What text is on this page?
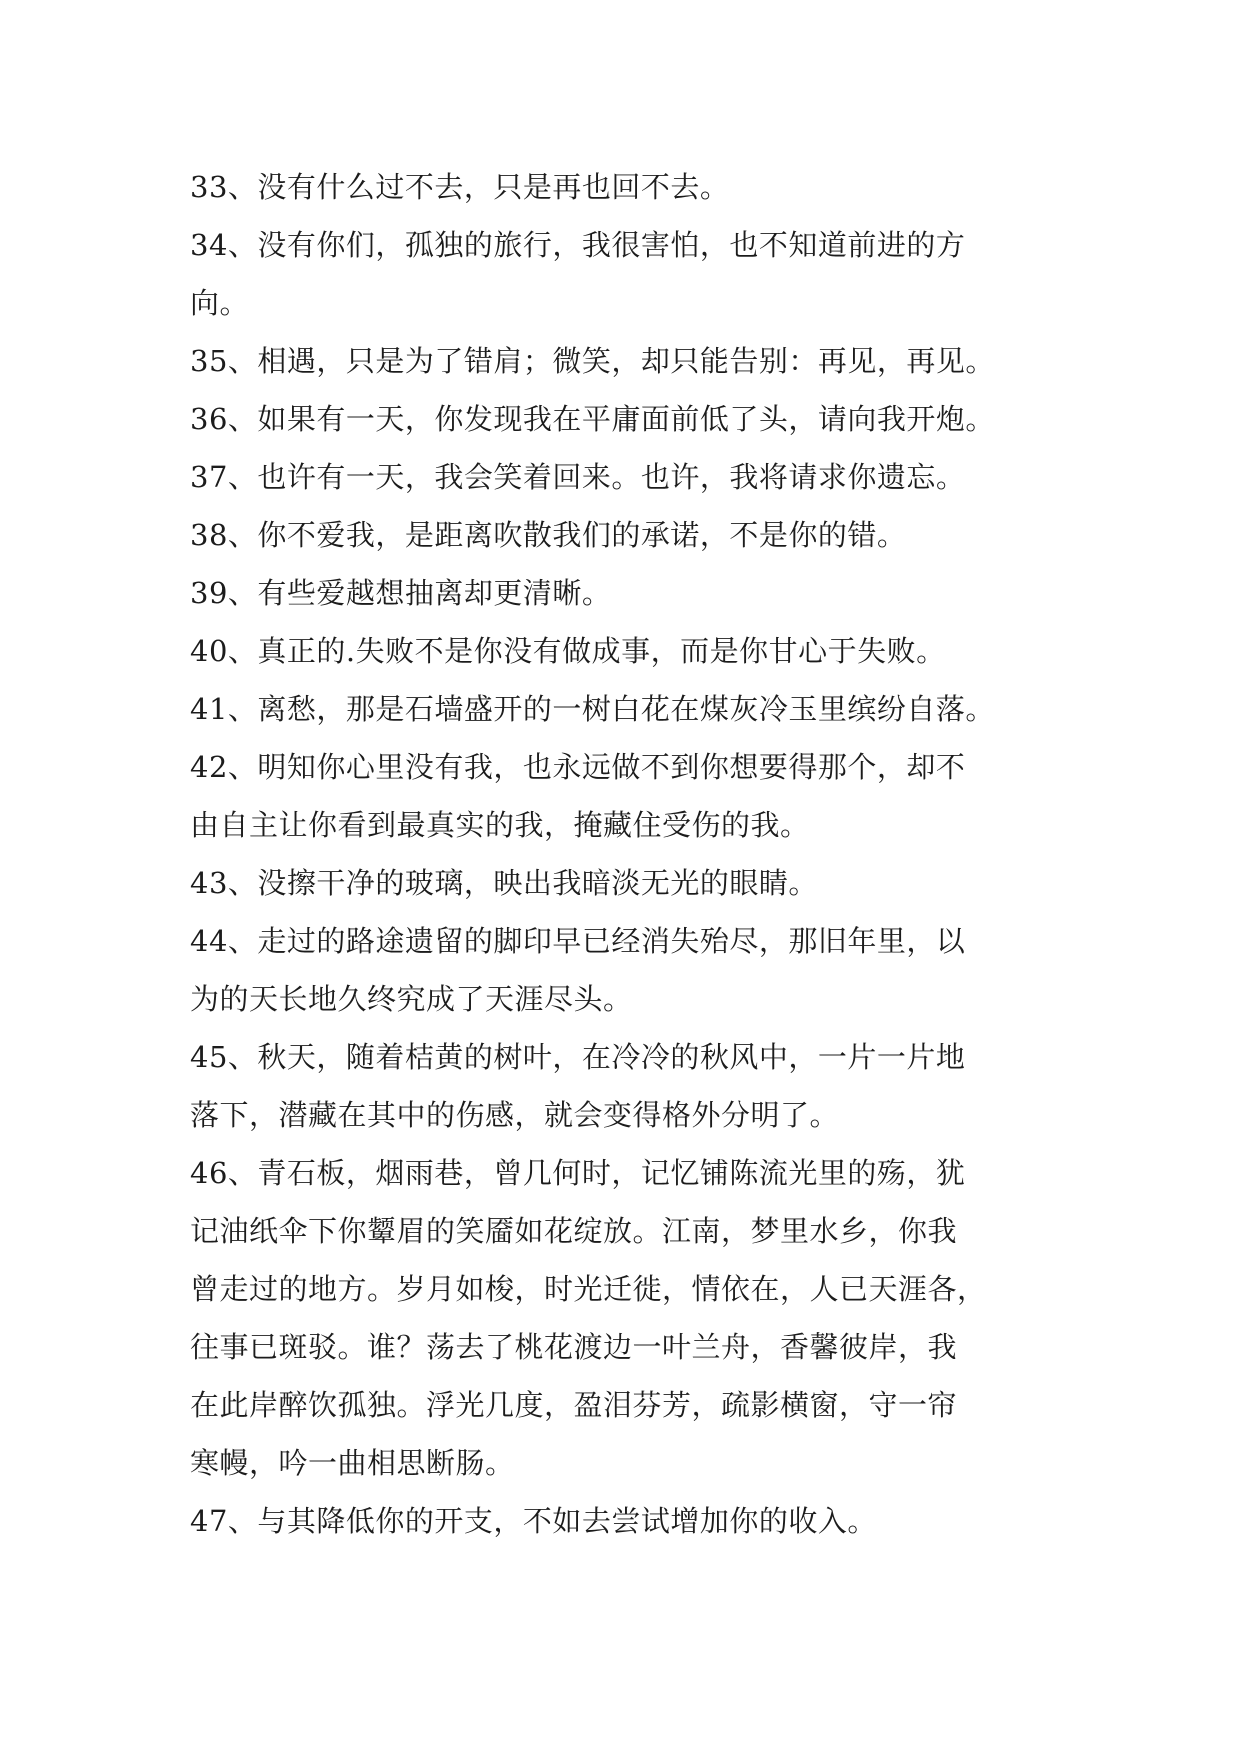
33、没有什么过不去，只是再也回不去。
34、没有你们，孤独的旅行，我很害怕，也不知道前进的方
向。
35、相遇，只是为了错肩；微笑，却只能告别：再见，再见。
36、如果有一天，你发现我在平庸面前低了头，请向我开炮。
37、也许有一天，我会笑着回来。也许，我将请求你遗忘。
38、你不爱我，是距离吹散我们的承诺，不是你的错。
39、有些爱越想抽离却更清晰。
40、真正的.失败不是你没有做成事，而是你甘心于失败。
41、离愁，那是石墙盛开的一树白花在煤灰冷玉里缤纷自落。
42、明知你心里没有我，也永远做不到你想要得那个，却不
由自主让你看到最真实的我，掩藏住受伤的我。
43、没擦干净的玻璃，映出我暗淡无光的眼睛。
44、走过的路途遗留的脚印早已经消失殆尽，那旧年里，以
为的天长地久终究成了天涯尽头。
45、秋天，随着桔黄的树叶，在冷冷的秋风中，一片一片地
落下，潜藏在其中的伤感，就会变得格外分明了。
46、青石板，烟雨巷，曾几何时，记忆铺陈流光里的殇，犹
记油纸伞下你颦眉的笑靥如花绽放。江南，梦里水乡，你我
曾走过的地方。岁月如梭，时光迁徙，情依在，人已天涯各，
往事已斑驳。谁？荡去了桃花渡边一叶兰舟，香馨彼岸，我
在此岸醉饮孤独。浮光几度，盈泪芬芳，疏影横窗，守一帘
寒幔，吟一曲相思断肠。
47、与其降低你的开支，不如去尝试增加你的收入。
